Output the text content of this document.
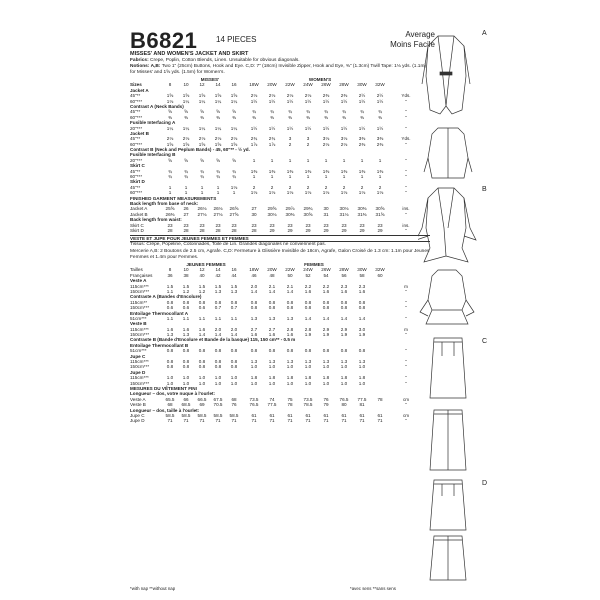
B6821 14 PIECES
Average
Moins Facile
MISSES' AND WOMEN'S JACKET AND SKIRT
Fabrics: Crepe, Poplin, Cotton Blends, Linen. Unsuitable for obvious diagonals.
Notions: A,B: Two 1" (25cm) Buttons, Hook and Eye. C,D: 7" (18cm) Invisible Zipper, Hook and Eye, ⅜" (1.3cm) Twill Tape: 1⅛ yds. (1.1m) for Misses' and 1⅝ yds. (1.5m) for Women's.
MISSES'	WOMEN'S
Sizes	8	10	12	14	16	18W 20W 22W 24W 26W 28W 30W 32W
Jacket A
45"**	1⅝	1⅝	1⅝	1⅝	1⅝	2⅛	2⅛	2⅛	2⅛	2⅜	2⅜	2½	2½	Yds.
60"***	1⅛	1¼	1¼	1¼	1¼	1½	1½	1½	1½	1½	1½	1½	1½	"
Contrast A (Neck Bands)
45"**	⅝	⅝	⅝	⅝	⅝	¾	¾	¾	¾	¾	¾	¾	¾	"
60"***	⅜	⅜	⅜	⅜	⅜	⅜	⅜	⅜	⅜	⅜	⅜	⅜	⅜	"
Fusible Interfacing A
20"***	1¼	1¼	1¼	1¼	1¼	1½	1½	1½	1½	1½	1½	1½	1½	"
Jacket B
45"**	2⅛	2⅛	2⅛	2⅛	2⅛	2¾	2¾	3	3	3⅛	3⅛	3⅜	3⅜	Yds.
60"***	1⅝	1⅝	1⅝	1⅝	1⅝	1⅞	1⅞	2	2	2⅛	2⅛	2⅜	2⅜	"
Contrast B (Neck and Peplum Bands) - 45, 60"** - ½ yd.
Fusible Interfacing B
20"***	⅝	⅝	⅝	⅝	⅝	1	1	1	1	1	1	1	1	"
Skirt C
45"**	¾	¾	¾	¾	¾	1⅜	1⅜	1⅜	1⅜	1⅜	1⅜	1⅜	1⅜	"
60"***	¾	¾	¾	¾	¾	1	1	1	1	1	1	1	1	"
Skirt D
45"**	1	1	1	1	1⅛	2	2	2	2	2	2	2	2	"
60"***	1	1	1	1	1	1⅛	1⅛	1⅛	1⅛	1⅛	1⅛	1⅛	1⅛	"
FINISHED GARMENT MEASUREMENTS
Back length from base of neck:
Jacket A	25⅝	26	26⅛	26⅛	26⅝	27	29⅝	29⅞	29¾	30	30⅛	30⅜	30⅝	ins.
Jacket B	26⅜	27	27⅛	27⅛	27⅝	30	30⅛	30⅜	30⅝	31	31⅛	31⅜	31⅝	"
Back length from waist:
Skirt C	23	23	23	23	23	23	23	23	23	23	23	23	23	ins.
Skirt D	28	28	28	28	28	28	29	29	29	29	29	29	29	"
VESTE ET JUPE POUR JEUNES FEMMES ET FEMMES
Tissus: Crêpe, Popeline, Cotonnades, Toile de Lin. Grandes diagonales ne conviennent pas.
Mercerie A,B: 2 Boutons de 2.5 cm, Agrafe. C,D: Fermeture à Glissière Invisible de 18cm, Agrafe, Galon Croisé de 1.3 cm: 1.1m pour Jeunes Femmes et 1.4m pour Femmes.
JEUNES FEMMES	FEMMES
Tailles	8	10	12	14	16	18W 20W 22W 24W 26W 28W 30W 32W
Françaises	36	38	40	42	44	46	48	50	52	54	56	58	60
Veste A
115cm***	1.5	1.5	1.5	1.5	1.5	2.0	2.1	2.1	2.2	2.2	2.3	2.3	m
150cm***	1.1	1.2	1.2	1.3	1.3	1.4	1.4	1.4	1.6	1.6	1.6	1.6	"
Contraste A (Bandes d'Encolure)
115cm**	0.8	0.8	0.8	0.8	0.8	0.8	0.8	0.8	0.8	0.8	0.8	0.8	"
150cm***	0.6	0.6	0.6	0.7	0.7	0.8	0.8	0.8	0.8	0.8	0.8	0.8	"
Entoilage Thermocollant A
51cm***	1.1	1.1	1.1	1.1	1.1	1.3	1.3	1.3	1.4	1.4	1.4	1.4	"
Veste B
115cm***	1.6	1.6	1.6	2.0	2.0	2.7	2.7	2.8	2.8	2.9	2.9	3.0	m
150cm***	1.3	1.3	1.4	1.4	1.4	1.6	1.6	1.6	1.9	1.9	1.9	1.9	"
Contraste B (Bande d'Encolure et Bande de la basque) 115, 150 cm** - 0.5 m
Entoilage Thermocollant B
51cm***	0.8	0.8	0.8	0.8	0.8	0.8	0.8	0.8	0.8	0.8	0.8	0.8	"
Jupe C
115cm***	0.8	0.8	0.8	0.8	0.8	1.3	1.3	1.3	1.3	1.3	1.3	1.3	"
150cm***	0.8	0.8	0.8	0.8	0.8	1.0	1.0	1.0	1.0	1.0	1.0	1.0	"
Jupe D
115cm***	1.0	1.0	1.0	1.0	1.0	1.8	1.8	1.8	1.8	1.8	1.8	1.8	"
150cm***	1.0	1.0	1.0	1.0	1.0	1.0	1.0	1.0	1.0	1.0	1.0	1.0	"
MESURES DU VÊTEMENT FINI
Longueur – dos, votre nuque à l'ourlet:
Veste A	65.5	66	66.5	67.5	68	73.5	74	75	73.5	76	76.5	77.5	78	cm
Veste B	68	68.5	69	70.5	76	76.5	77.5	78	78.5	79	80	81	"
Longueur – dos, taille à l'ourlet:
Jupe C	58.5	58.5	58.5	58.5	58.5	61	61	61	61	61	61	61	61	cm
Jupe D	71	71	71	71	71	71	71	71	71	71	71	71	71	"
*with nap **without nap	*avec sens **sans sens
A
B
C
D
